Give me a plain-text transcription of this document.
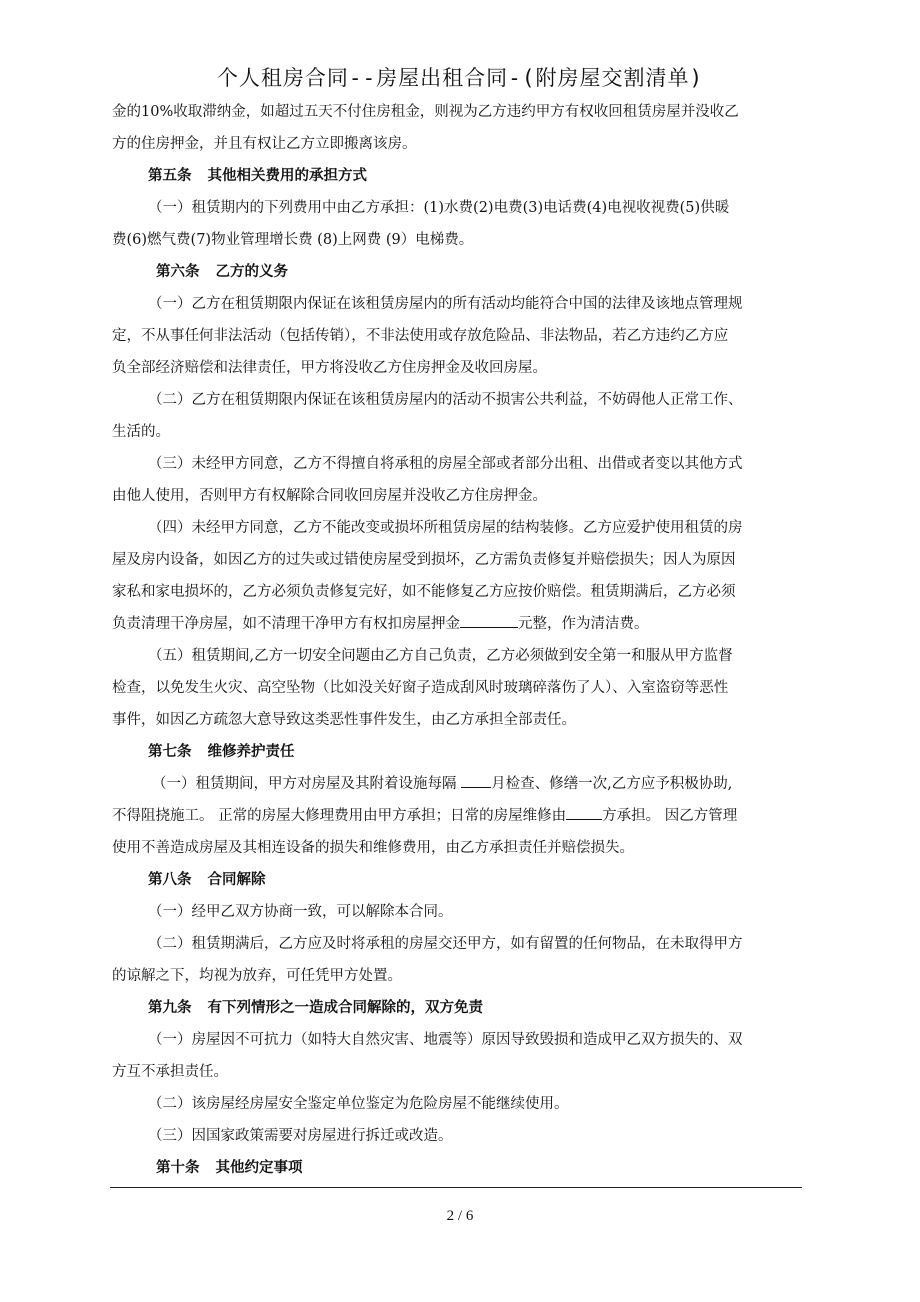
个人租房合同--房屋出租合同-(附房屋交割清单)
金的10%收取滞纳金，如超过五天不付住房租金，则视为乙方违约甲方有权收回租赁房屋并没收乙
方的住房押金，并且有权让乙方立即搬离该房。
第五条 其他相关费用的承担方式
（一）租赁期内的下列费用中由乙方承担：(1)水费(2)电费(3)电话费(4)电视收视费(5)供暖
费(6)燃气费(7)物业管理增长费 (8)上网费 (9）电梯费。
第六条 乙方的义务
（一）乙方在租赁期限内保证在该租赁房屋内的所有活动均能符合中国的法律及该地点管理规
定，不从事任何非法活动（包括传销），不非法使用或存放危险品、非法物品，若乙方违约乙方应
负全部经济赔偿和法律责任，甲方将没收乙方住房押金及收回房屋。
（二）乙方在租赁期限内保证在该租赁房屋内的活动不损害公共利益，不妨碍他人正常工作、
生活的。
（三）未经甲方同意，乙方不得擅自将承租的房屋全部或者部分出租、出借或者变以其他方式
由他人使用，否则甲方有权解除合同收回房屋并没收乙方住房押金。
（四）未经甲方同意，乙方不能改变或损坏所租赁房屋的结构装修。乙方应爱护使用租赁的房
屋及房内设备，如因乙方的过失或过错使房屋受到损坏，乙方需负责修复并赔偿损失；因人为原因
家私和家电损坏的，乙方必须负责修复完好，如不能修复乙方应按价赔偿。租赁期满后，乙方必须
负责清理干净房屋，如不清理干净甲方有权扣房屋押金	元整，作为清洁费。
（五）租赁期间,乙方一切安全问题由乙方自己负责，乙方必须做到安全第一和服从甲方监督
检查，以免发生火灾、高空坠物（比如没关好窗子造成刮风时玻璃碎落伤了人）、入室盗窃等恶性
事件，如因乙方疏忽大意导致这类恶性事件发生，由乙方承担全部责任。
第七条 维修养护责任
（一）租赁期间，甲方对房屋及其附着设施每隔 月检查、修缮一次,乙方应予积极协助,
不得阻挠施工。 正常的房屋大修理费用由甲方承担；日常的房屋维修由 方承担。 因乙方管理
使用不善造成房屋及其相连设备的损失和维修费用，由乙方承担责任并赔偿损失。
第八条 合同解除
（一）经甲乙双方协商一致，可以解除本合同。
（二）租赁期满后，乙方应及时将承租的房屋交还甲方，如有留置的任何物品，在未取得甲方
的谅解之下，均视为放弃，可任凭甲方处置。
第九条 有下列情形之一造成合同解除的，双方免责
（一）房屋因不可抗力（如特大自然灾害、地震等）原因导致毁损和造成甲乙双方损失的、双
方互不承担责任。
（二）该房屋经房屋安全鉴定单位鉴定为危险房屋不能继续使用。
（三）因国家政策需要对房屋进行拆迁或改造。
第十条 其他约定事项
2 / 6
